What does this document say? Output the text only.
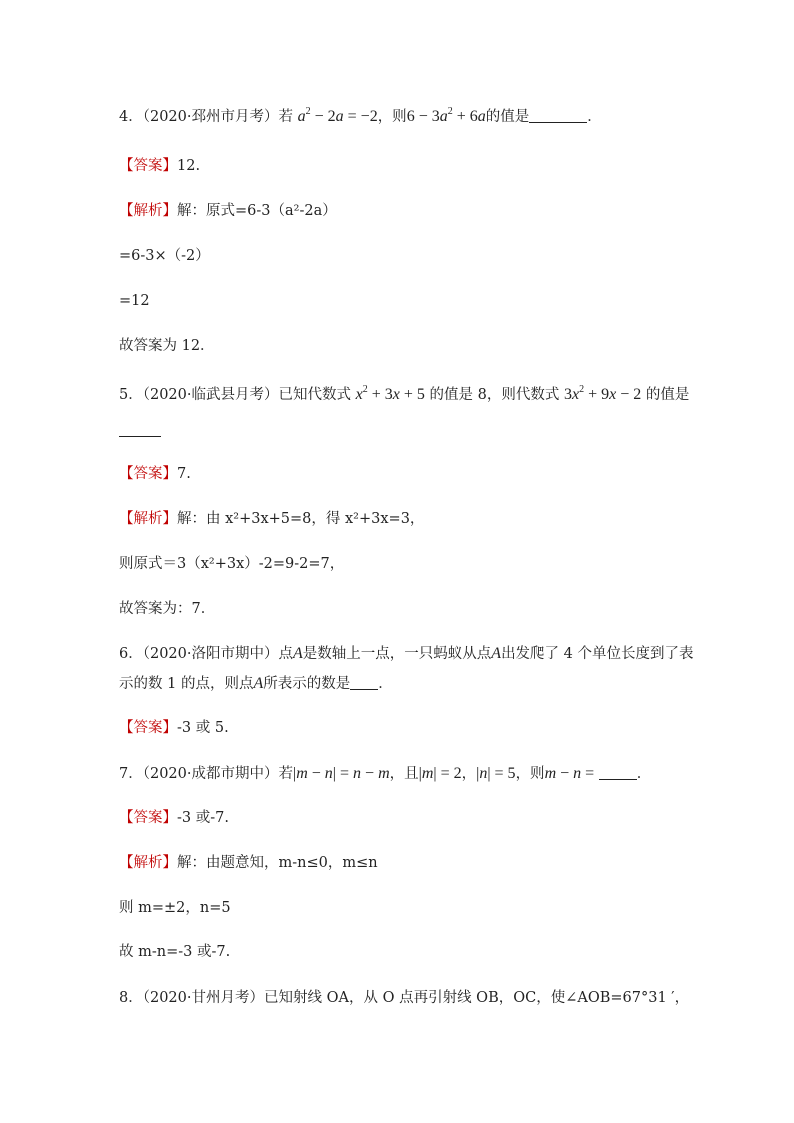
4．（2020·邳州市月考）若 $a^2 - 2a = -2$，则$6 - 3a^2 + 6a$的值是	．
【答案】12.
【解析】解：原式=6-3（a²-2a）
=6-3×（-2）
=12
故答案为 12．
5．（2020·临武县月考）已知代数式 $x^2 + 3x + 5$ 的值是 8，则代数式 $3x^2 + 9x - 2$ 的值是
【答案】7.
【解析】解：由 x²+3x+5=8，得 x²+3x=3，
则原式＝3（x²+3x）-2=9-2=7，
故答案为：7．
6．（2020·洛阳市期中）点A是数轴上一点，一只蚂蚁从点A出发爬了 4 个单位长度到了表
示的数 1 的点，则点A所表示的数是 ．
【答案】-3 或 5.
7．（2020·成都市期中）若|m − n| = n − m，且|m| = 2，|n| = 5，则m − n =	．
【答案】-3 或-7.
【解析】解：由题意知，m-n≤0，m≤n
则 m=±2，n=5
故 m-n=-3 或-7.
8．（2020·甘州月考）已知射线 OA，从 O 点再引射线 OB，OC，使∠AOB=67°31 ′，
